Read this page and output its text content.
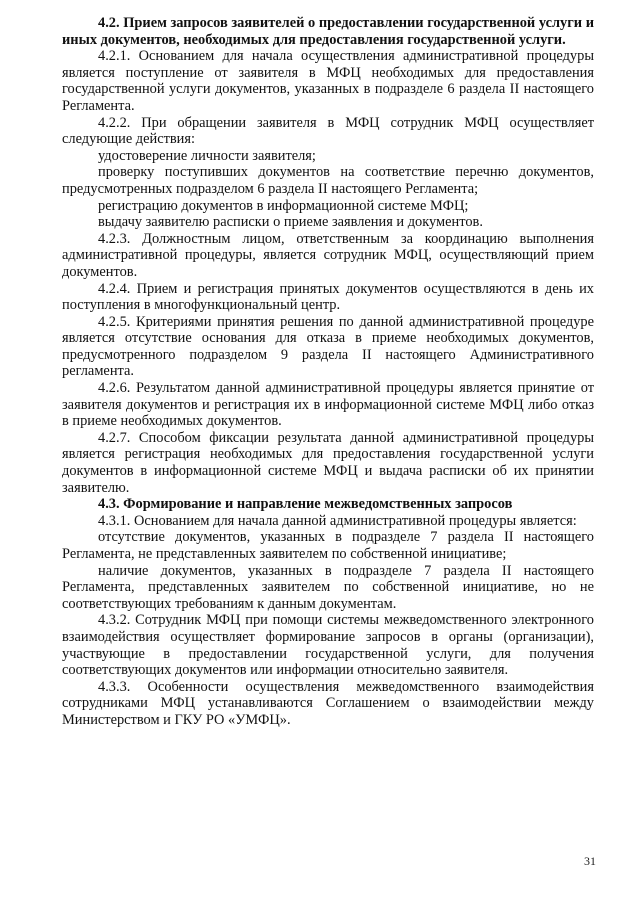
4.2. Прием запросов заявителей о предоставлении государственной услуги и иных документов, необходимых для предоставления государственной услуги.

4.2.1. Основанием для начала осуществления административной процедуры является поступление от заявителя в МФЦ необходимых для предоставления государственной услуги документов, указанных в подразделе 6 раздела II настоящего Регламента.

4.2.2. При обращении заявителя в МФЦ сотрудник МФЦ осуществляет следующие действия:

удостоверение личности заявителя;

проверку поступивших документов на соответствие перечню документов, предусмотренных подразделом 6 раздела II настоящего Регламента;

регистрацию документов в информационной системе МФЦ;

выдачу заявителю расписки о приеме заявления и документов.

4.2.3. Должностным лицом, ответственным за координацию выполнения административной процедуры, является сотрудник МФЦ, осуществляющий прием документов.

4.2.4. Прием и регистрация принятых документов осуществляются в день их поступления в многофункциональный центр.

4.2.5. Критериями принятия решения по данной административной процедуре является отсутствие основания для отказа в приеме необходимых документов, предусмотренного подразделом 9 раздела II настоящего Административного регламента.

4.2.6. Результатом данной административной процедуры является принятие от заявителя документов и регистрация их в информационной системе МФЦ либо отказ в приеме необходимых документов.

4.2.7. Способом фиксации результата данной административной процедуры является регистрация необходимых для предоставления государственной услуги документов в информационной системе МФЦ и выдача расписки об их принятии заявителю.

4.3. Формирование и направление межведомственных запросов

4.3.1. Основанием для начала данной административной процедуры является:

отсутствие документов, указанных в подразделе 7 раздела II настоящего Регламента, не представленных заявителем по собственной инициативе;

наличие документов, указанных в подразделе 7 раздела II настоящего Регламента, представленных заявителем по собственной инициативе, но не соответствующих требованиям к данным документам.

4.3.2. Сотрудник МФЦ при помощи системы межведомственного электронного взаимодействия осуществляет формирование запросов в органы (организации), участвующие в предоставлении государственной услуги, для получения соответствующих документов или информации относительно заявителя.

4.3.3. Особенности осуществления межведомственного взаимодействия сотрудниками МФЦ устанавливаются Соглашением о взаимодействии между Министерством и ГКУ РО «УМФЦ».

31
